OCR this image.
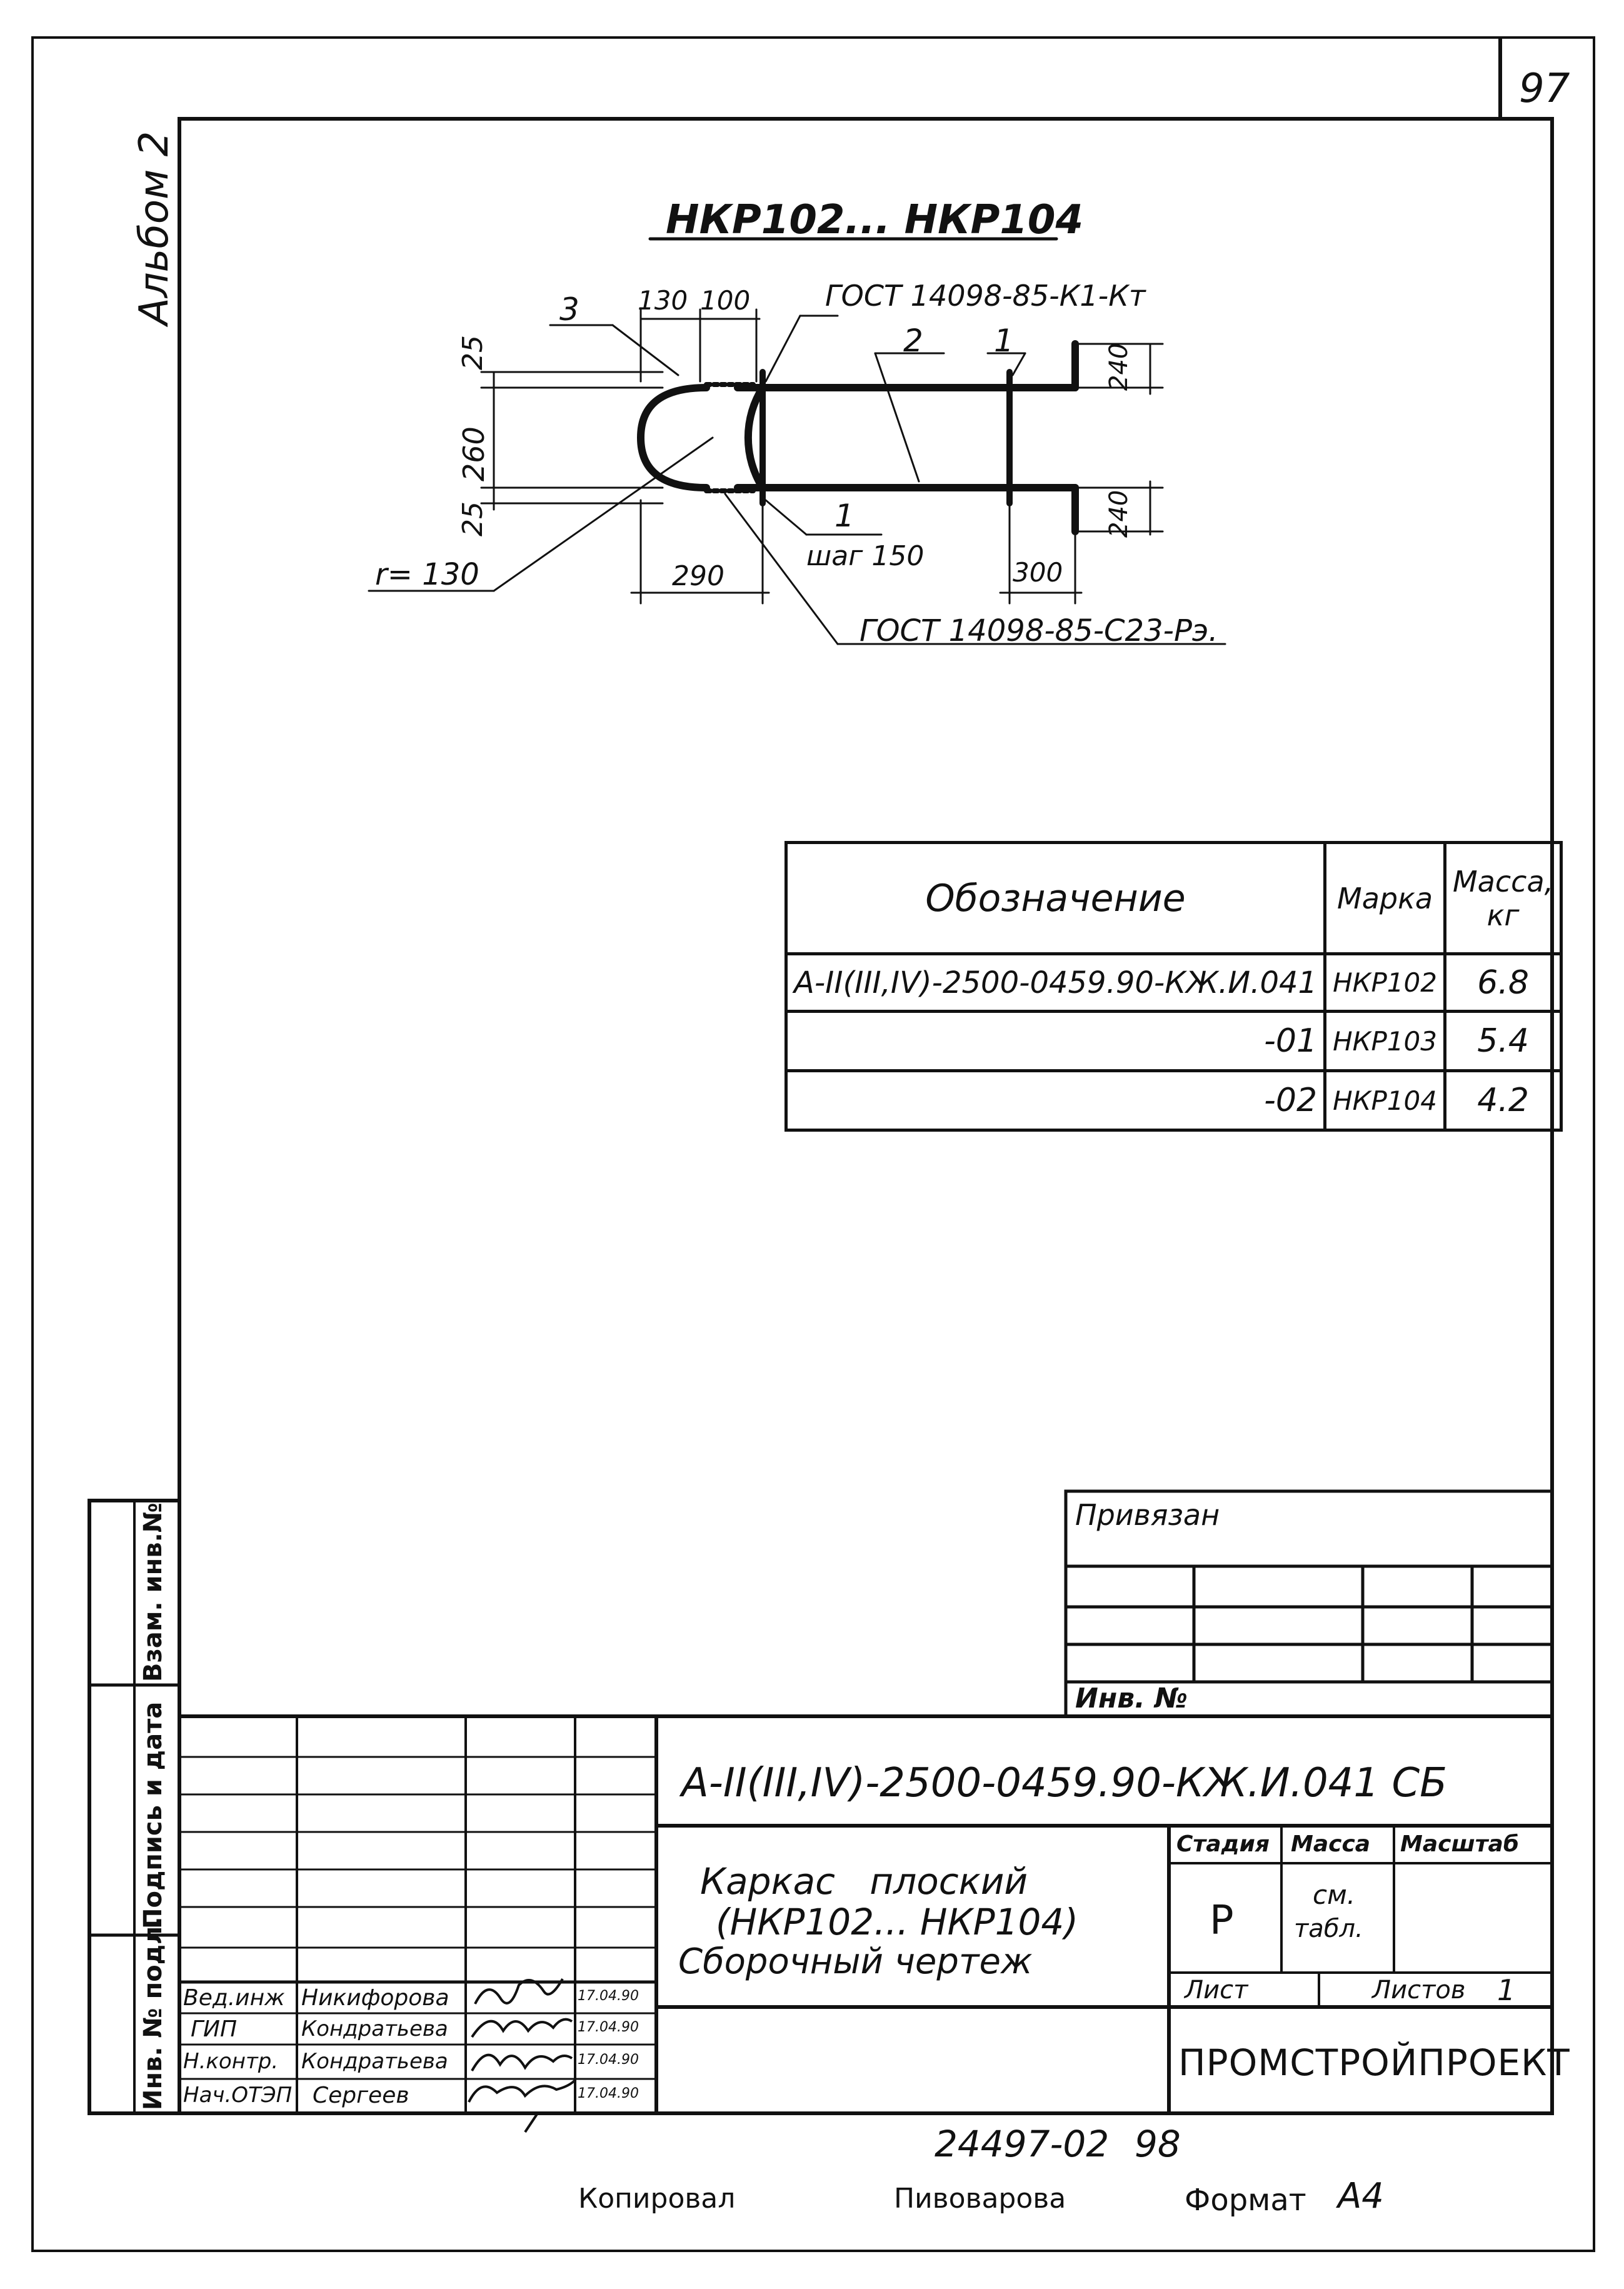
97
Альбом 2
Инв. № подл.
Подпись и дата
Взам. инв.№
НКР102... НКР104
3
2 1
1
ГОСТ 14098-85-К1-Кт
ГОСТ 14098-85-С23-Рэ.
шаг 150
130 100
290	300
r= 130
25
260
25
240
240
Обозначение	Марка	Масса, кг
А-II(III,IV)-2500-0459.90-КЖ.И.041	НКР102	6.8
-01	НКР103	5.4
-02	НКР104	4.2
Привязан
Инв. №
А-II(III,IV)-2500-0459.90-КЖ.И.041 СБ
Каркас   плоский
(НКР102... НКР104)
Сборочный чертеж
Стадия Масса Масштаб
Р
см.
табл.
Лист	Листов 1
ПРОМСТРОЙПРОЕКТ
Вед.инж Никифорова	17.04.90
ГИП	Кондратьева	17.04.90
Н.контр. Кондратьева	17.04.90
Нач.ОТЭП Сергеев	17.04.90
24497-02 98
Копировал	Пивоварова	Формат А4
